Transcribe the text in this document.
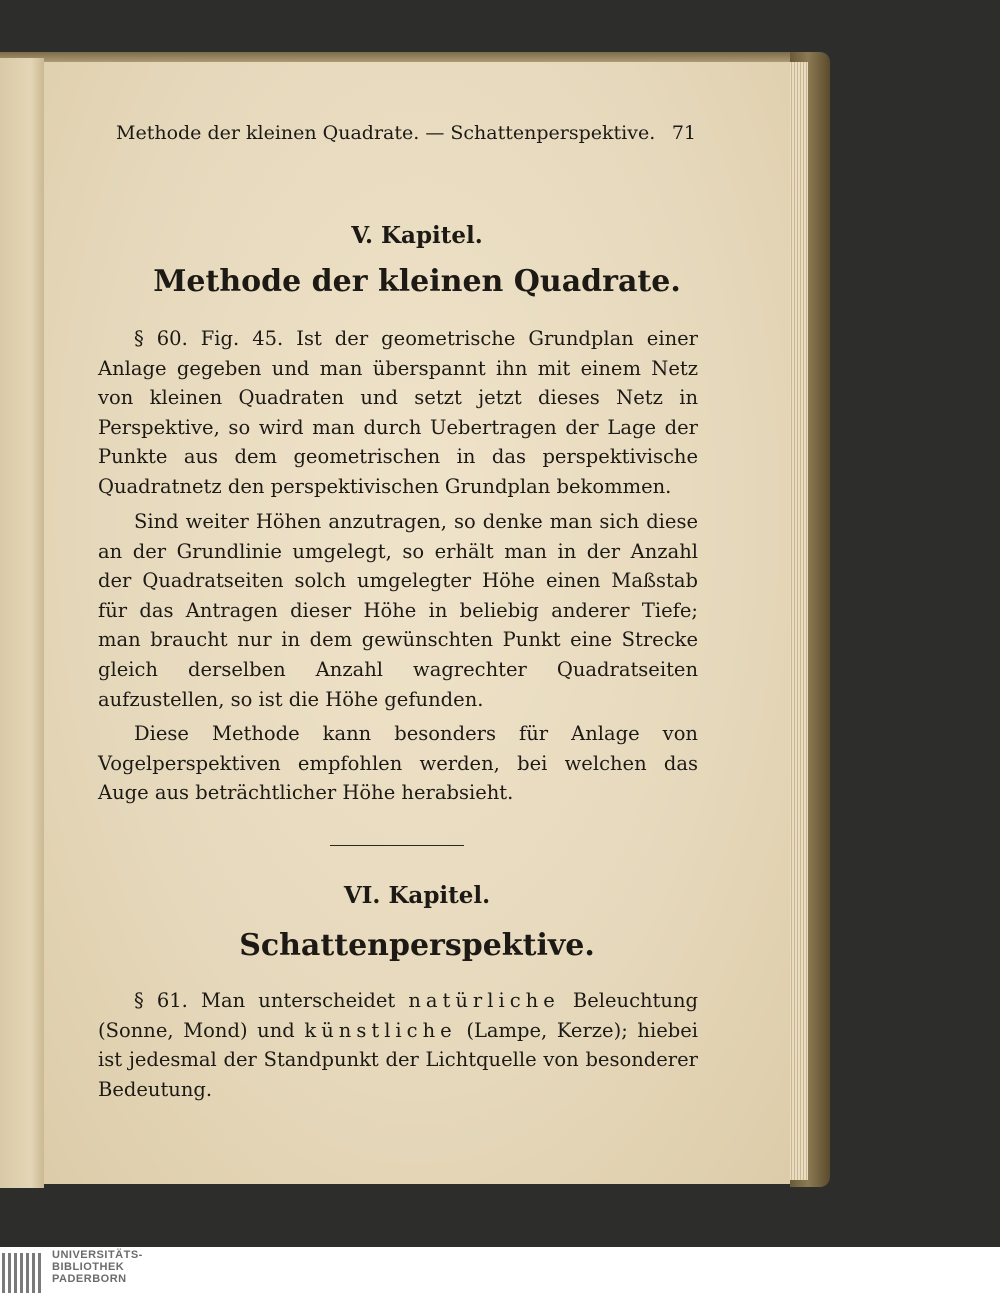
Methode der kleinen Quadrate. — Schattenperspektive. 71
V. Kapitel.
Methode der kleinen Quadrate.

§ 60. Fig. 45. Ist der geometrische Grundplan einer Anlage gegeben und man überspannt ihn mit einem Netz von kleinen Quadraten und setzt jetzt dieses Netz in Perspektive, so wird man durch Uebertragen der Lage der Punkte aus dem geometrischen in das perspektivische Quadratnetz den perspektivischen Grundplan bekommen.

Sind weiter Höhen anzutragen, so denke man sich diese an der Grundlinie umgelegt, so erhält man in der Anzahl der Quadratseiten solch umgelegter Höhe einen Maßstab für das Antragen dieser Höhe in beliebig anderer Tiefe; man braucht nur in dem gewünschten Punkt eine Strecke gleich derselben Anzahl wagrechter Quadratseiten aufzustellen, so ist die Höhe gefunden.

Diese Methode kann besonders für Anlage von Vogelperspektiven empfohlen werden, bei welchen das Auge aus beträchtlicher Höhe herabsieht.

VI. Kapitel.
Schattenperspektive.

§ 61. Man unterscheidet natürliche Beleuchtung (Sonne, Mond) und künstliche (Lampe, Kerze); hiebei ist jedesmal der Standpunkt der Lichtquelle von besonderer Bedeutung.

UNIVERSITÄTS-
BIBLIOTHEK
PADERBORN
